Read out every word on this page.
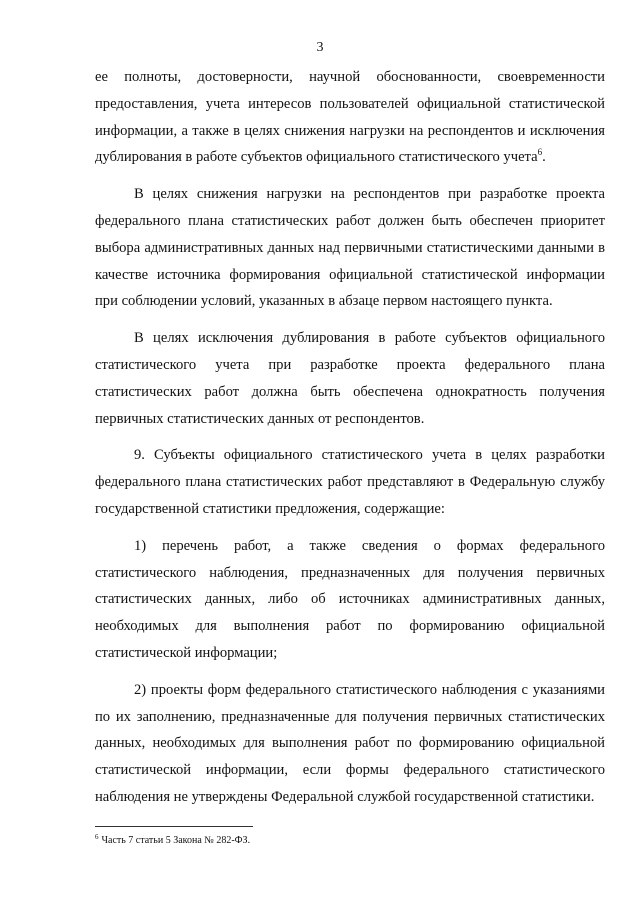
3

ее полноты, достоверности, научной обоснованности, своевременности предоставления, учета интересов пользователей официальной статистической информации, а также в целях снижения нагрузки на респондентов и исключения дублирования в работе субъектов официального статистического учета$^6$.

В целях снижения нагрузки на респондентов при разработке проекта федерального плана статистических работ должен быть обеспечен приоритет выбора административных данных над первичными статистическими данными в качестве источника формирования официальной статистической информации при соблюдении условий, указанных в абзаце первом настоящего пункта.

В целях исключения дублирования в работе субъектов официального статистического учета при разработке проекта федерального плана статистических работ должна быть обеспечена однократность получения первичных статистических данных от респондентов.

9. Субъекты официального статистического учета в целях разработки федерального плана статистических работ представляют в Федеральную службу государственной статистики предложения, содержащие:

1) перечень работ, а также сведения о формах федерального статистического наблюдения, предназначенных для получения первичных статистических данных, либо об источниках административных данных, необходимых для выполнения работ по формированию официальной статистической информации;

2) проекты форм федерального статистического наблюдения с указаниями по их заполнению, предназначенные для получения первичных статистических данных, необходимых для выполнения работ по формированию официальной статистической информации, если формы федерального статистического наблюдения не утверждены Федеральной службой государственной статистики.

$^6$ Часть 7 статьи 5 Закона № 282-ФЗ.
